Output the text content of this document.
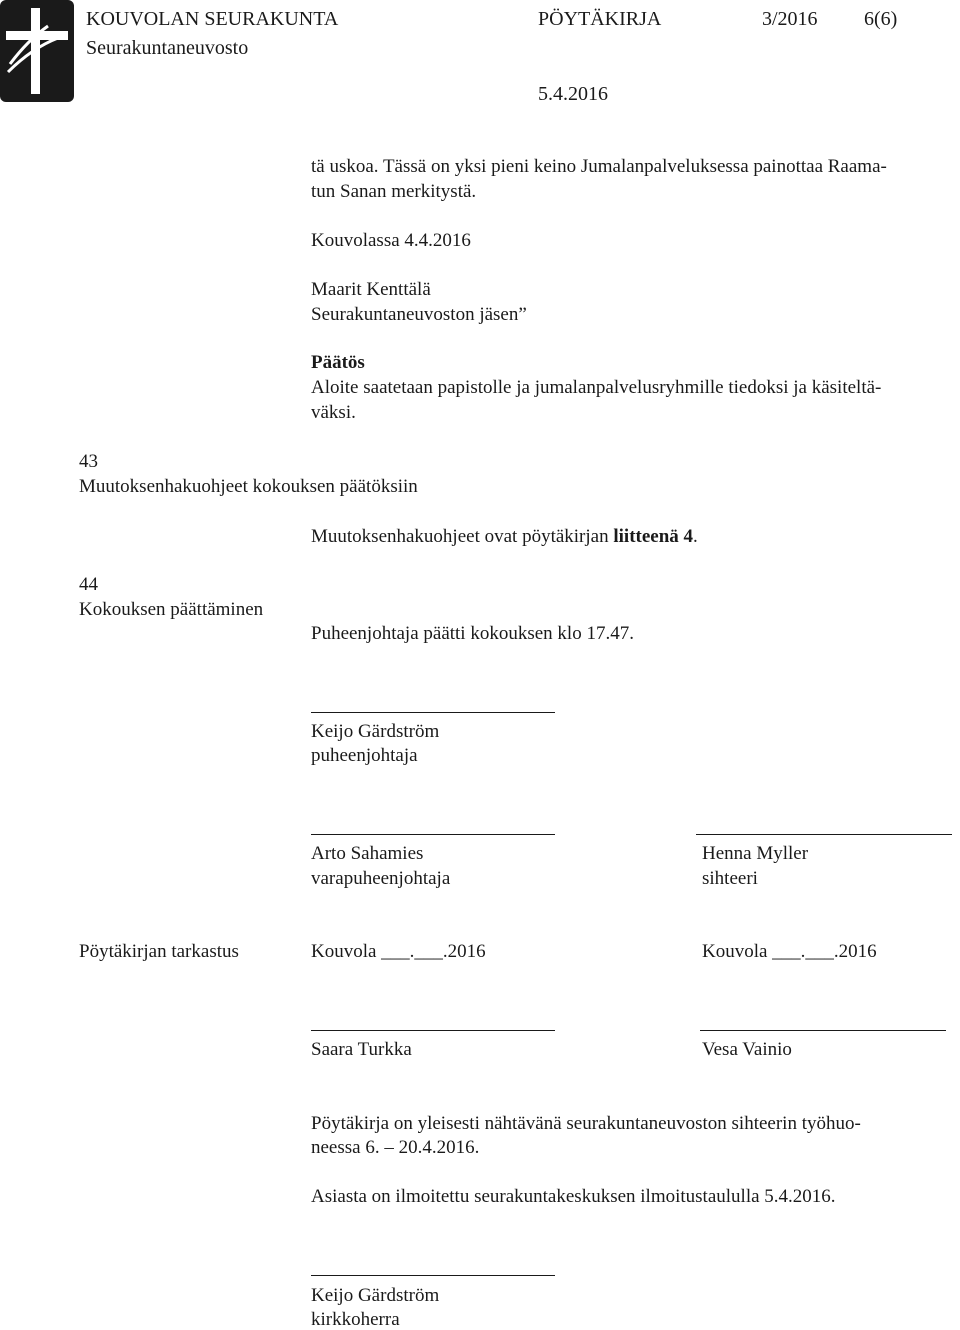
KOUVOLAN SEURAKUNTA
Seurakuntaneuvosto
PÖYTÄKIRJA	3/2016 6(6)
5.4.2016
tä uskoa. Tässä on yksi pieni keino Jumalanpalveluksessa painottaa Raama-
tun Sanan merkitystä.
Kouvolassa 4.4.2016
Maarit Kenttälä
Seurakuntaneuvoston jäsen”
Päätös
Aloite saatetaan papistolle ja jumalanpalvelusryhmille tiedoksi ja käsiteltä-
väksi.
43
Muutoksenhakuohjeet kokouksen päätöksiin
Muutoksenhakuohjeet ovat pöytäkirjan liitteenä 4.
44
Kokouksen päättäminen
Puheenjohtaja päätti kokouksen klo 17.47.
Keijo Gärdström
puheenjohtaja
Arto Sahamies
varapuheenjohtaja
Henna Myller
sihteeri
Pöytäkirjan tarkastus	Kouvola ___.___.2016	Kouvola ___.___.2016
Saara Turkka	Vesa Vainio
Pöytäkirja on yleisesti nähtävänä seurakuntaneuvoston sihteerin työhuo-
neessa 6. – 20.4.2016.
Asiasta on ilmoitettu seurakuntakeskuksen ilmoitustaululla 5.4.2016.
Keijo Gärdström
kirkkoherra
